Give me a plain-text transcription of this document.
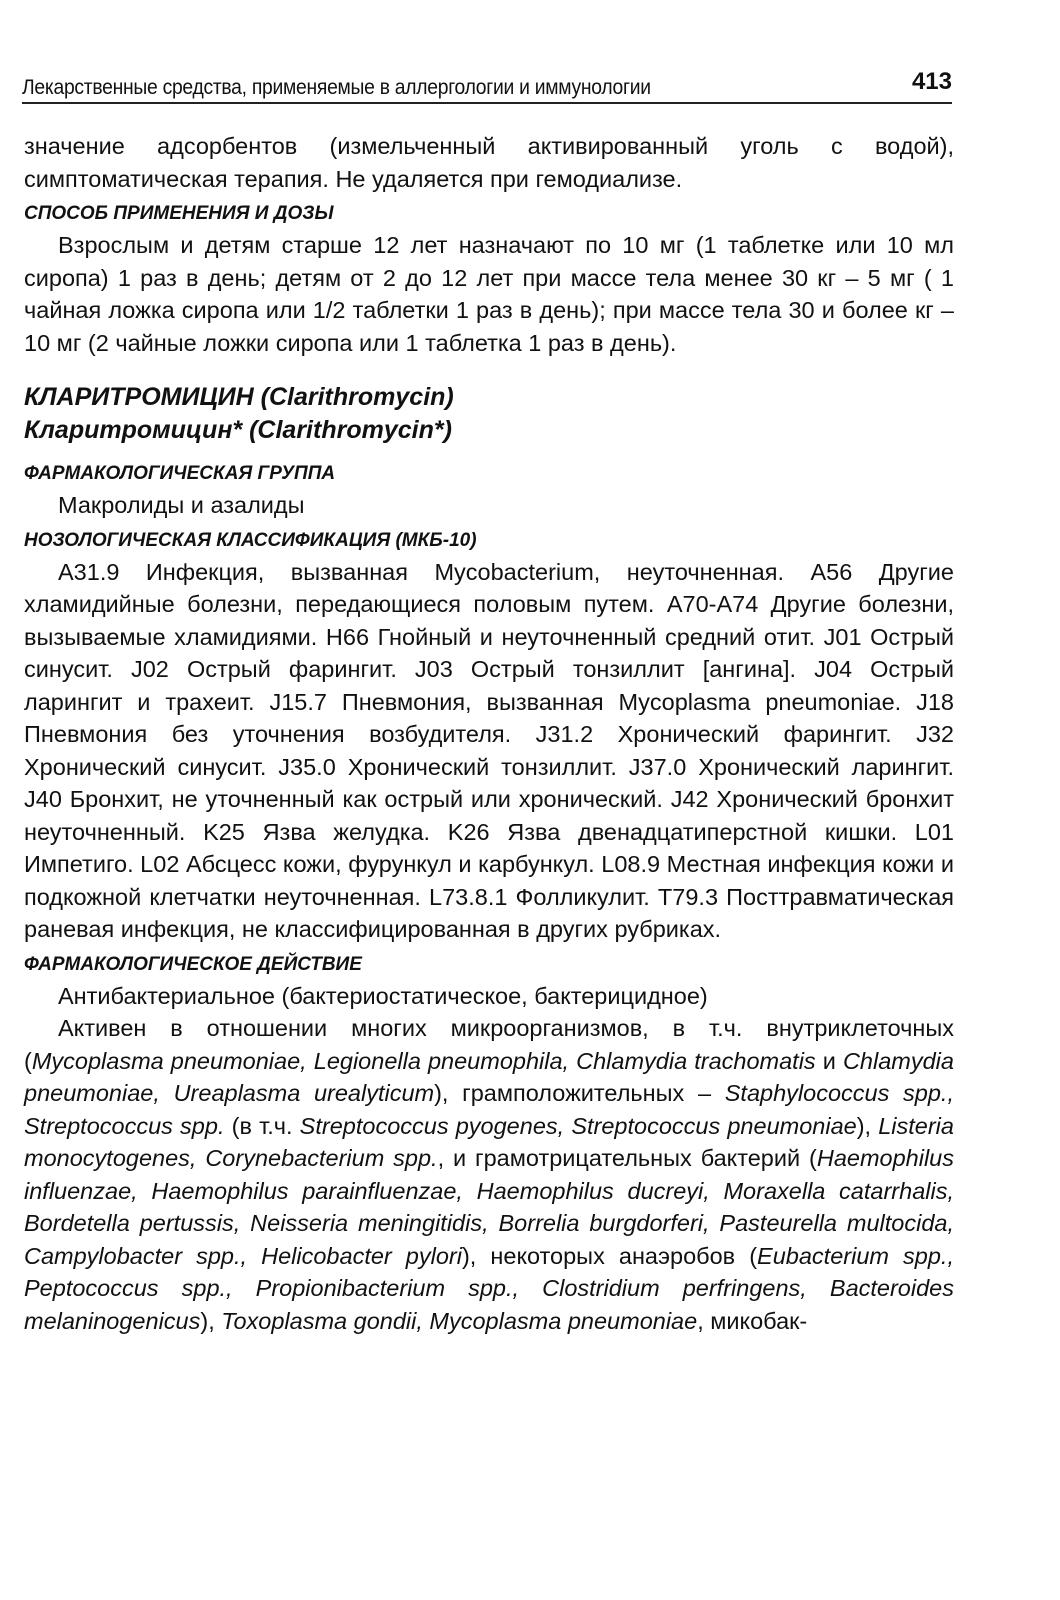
Лекарственные средства, применяемые в аллергологии и иммунологии	413

значение адсорбентов (измельченный активированный уголь с водой), симптоматическая терапия. Не удаляется при гемодиализе.

СПОСОБ ПРИМЕНЕНИЯ И ДОЗЫ

Взрослым и детям старше 12 лет назначают по 10 мг (1 таблетке или 10 мл сиропа) 1 раз в день; детям от 2 до 12 лет при массе тела менее 30 кг – 5 мг ( 1 чайная ложка сиропа или 1/2 таблетки 1 раз в день); при массе тела 30 и более кг – 10 мг (2 чайные ложки сиропа или 1 таблетка 1 раз в день).

КЛАРИТРОМИЦИН (Clarithromycin)
Кларитромицин* (Clarithromycin*)
ФАРМАКОЛОГИЧЕСКАЯ ГРУППА

Макролиды и азалиды

НОЗОЛОГИЧЕСКАЯ КЛАССИФИКАЦИЯ (МКБ-10)

A31.9 Инфекция, вызванная Mycobacterium, неуточненная. A56 Другие хламидийные болезни, передающиеся половым путем. A70-A74 Другие болезни, вызываемые хламидиями. H66 Гнойный и неуточненный средний отит. J01 Острый синусит. J02 Острый фарингит. J03 Острый тонзиллит [ангина]. J04 Острый ларингит и трахеит. J15.7 Пневмония, вызванная Mycoplasma pneumoniae. J18 Пневмония без уточнения возбудителя. J31.2 Хронический фарингит. J32 Хронический синусит. J35.0 Хронический тонзиллит. J37.0 Хронический ларингит. J40 Бронхит, не уточненный как острый или хронический. J42 Хронический бронхит неуточненный. K25 Язва желудка. K26 Язва двенадцатиперстной кишки. L01 Импетиго. L02 Абсцесс кожи, фурункул и карбункул. L08.9 Местная инфекция кожи и подкожной клетчатки неуточненная. L73.8.1 Фолликулит. T79.3 Посттравматическая раневая инфекция, не классифицированная в других рубриках.

ФАРМАКОЛОГИЧЕСКОЕ ДЕЙСТВИЕ

Антибактериальное (бактериостатическое, бактерицидное)

Активен в отношении многих микроорганизмов, в т.ч. внутриклеточных (Mycoplasma pneumoniae, Legionella pneumophila, Chlamydia trachomatis и Chlamydia pneumoniae, Ureaplasma urealyticum), грамположительных – Staphylococcus spp., Streptococcus spp. (в т.ч. Streptococcus pyogenes, Streptococcus pneumoniae), Listeria monocytogenes, Corynebacterium spp., и грамотрицательных бактерий (Haemophilus influenzae, Haemophilus parainfluenzae, Haemophilus ducreyi, Moraxella catarrhalis, Bordetella pertussis, Neisseria meningitidis, Borrelia burgdorferi, Pasteurella multocida, Campylobacter spp., Helicobacter pylori), некоторых анаэробов (Eubacterium spp., Peptococcus spp., Propionibacterium spp., Clostridium perfringens, Bacteroides melaninogenicus), Toxoplasma gondii, Mycoplasma pneumoniae, микобак-
